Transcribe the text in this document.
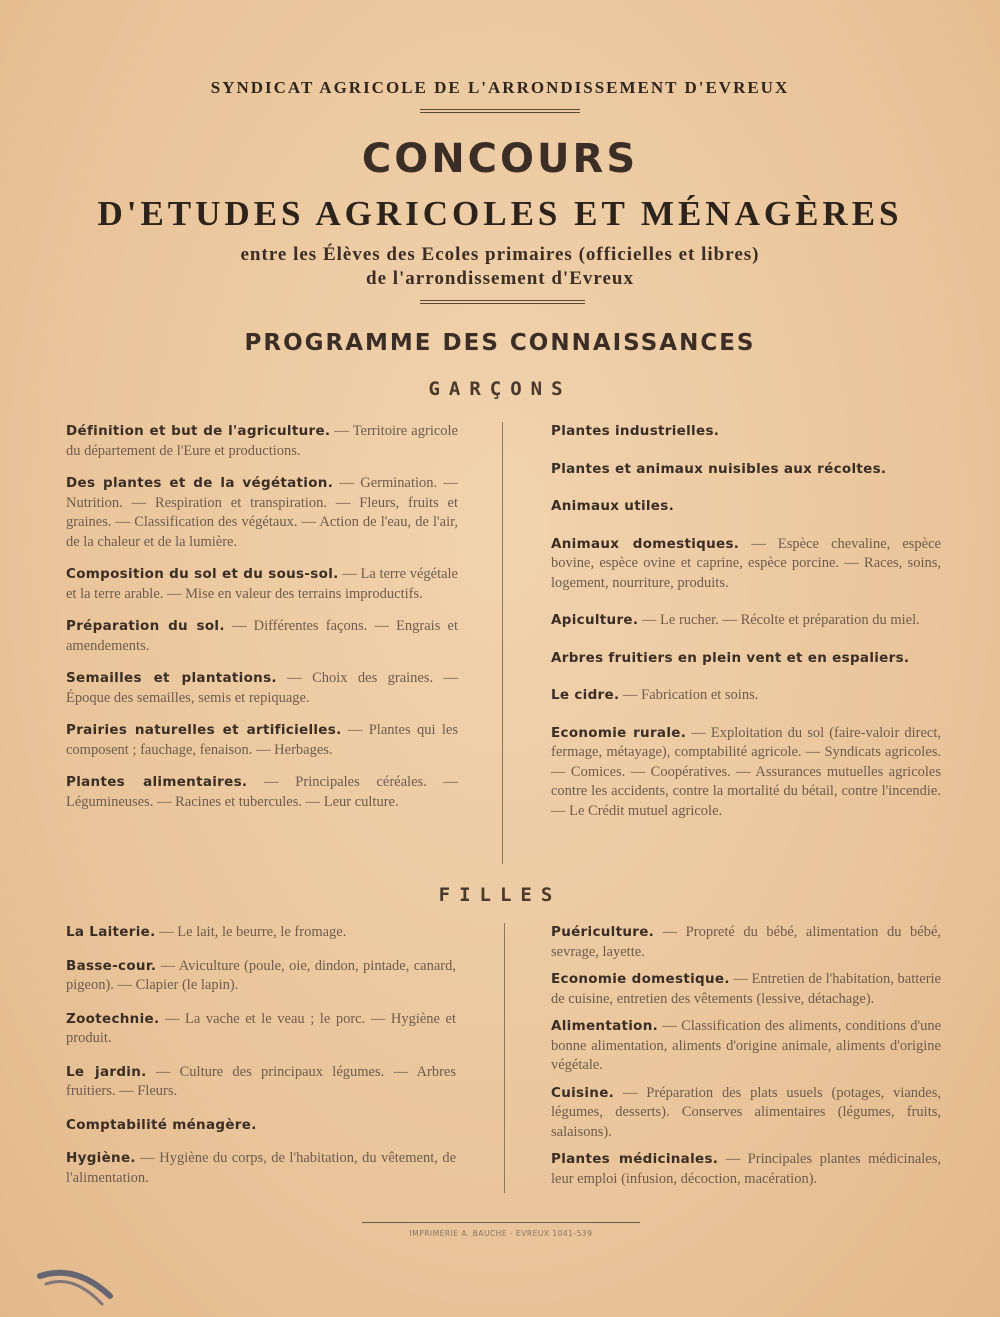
SYNDICAT AGRICOLE DE L'ARRONDISSEMENT D'EVREUX
CONCOURS
D'ETUDES AGRICOLES ET MÉNAGÈRES
entre les Élèves des Ecoles primaires (officielles et libres)
de l'arrondissement d'Evreux
PROGRAMME DES CONNAISSANCES
GARÇONS

Définition et but de l'agriculture. — Territoire agricole du département de l'Eure et productions.

Des plantes et de la végétation. — Germination. —Nutrition. — Respiration et transpiration. — Fleurs, fruits et graines. — Classification des végétaux. — Action de l'eau, de l'air, de la chaleur et de la lumière.

Composition du sol et du sous-sol. — La terre végétale et la terre arable. — Mise en valeur des terrains improductifs.

Préparation du sol. — Différentes façons. — Engrais et amendements.

Semailles et plantations. — Choix des graines. — Époque des semailles, semis et repiquage.

Prairies naturelles et artificielles. — Plantes qui les composent ; fauchage, fenaison. — Herbages.

Plantes alimentaires. — Principales céréales. — Légumineuses. — Racines et tubercules. — Leur culture.

Plantes industrielles.

Plantes et animaux nuisibles aux récoltes.

Animaux utiles.

Animaux domestiques. — Espèce chevaline, espèce bovine, espèce ovine et caprine, espèce porcine. — Races, soins, logement, nourriture, produits.

Apiculture. — Le rucher. — Récolte et préparation du miel.

Arbres fruitiers en plein vent et en espaliers.

Le cidre. — Fabrication et soins.

Economie rurale. — Exploitation du sol (faire-valoir direct, fermage, métayage), comptabilité agricole. — Syndicats agricoles. — Comices. — Coopératives. — Assurances mutuelles agricoles contre les accidents, contre la mortalité du bétail, contre l'incendie. — Le Crédit mutuel agricole.

FILLES

La Laiterie. — Le lait, le beurre, le fromage.

Basse-cour. — Aviculture (poule, oie, dindon, pintade, canard, pigeon). — Clapier (le lapin).

Zootechnie. — La vache et le veau ; le porc. — Hygiène et produit.

Le jardin. — Culture des principaux légumes. — Arbres fruitiers. — Fleurs.

Comptabilité ménagère.

Hygiène. — Hygiène du corps, de l'habitation, du vêtement, de l'alimentation.

Puériculture. — Propreté du bébé, alimentation du bébé, sevrage, layette.

Economie domestique. — Entretien de l'habitation, batterie de cuisine, entretien des vêtements (lessive, détachage).

Alimentation. — Classification des aliments, conditions d'une bonne alimentation, aliments d'origine animale, aliments d'origine végétale.

Cuisine. — Préparation des plats usuels (potages, viandes, légumes, desserts). Conserves alimentaires (légumes, fruits, salaisons).

Plantes médicinales. — Principales plantes médicinales, leur emploi (infusion, décoction, macération).

IMPRIMERIE A. BAUCHE - EVREUX 1041-539
